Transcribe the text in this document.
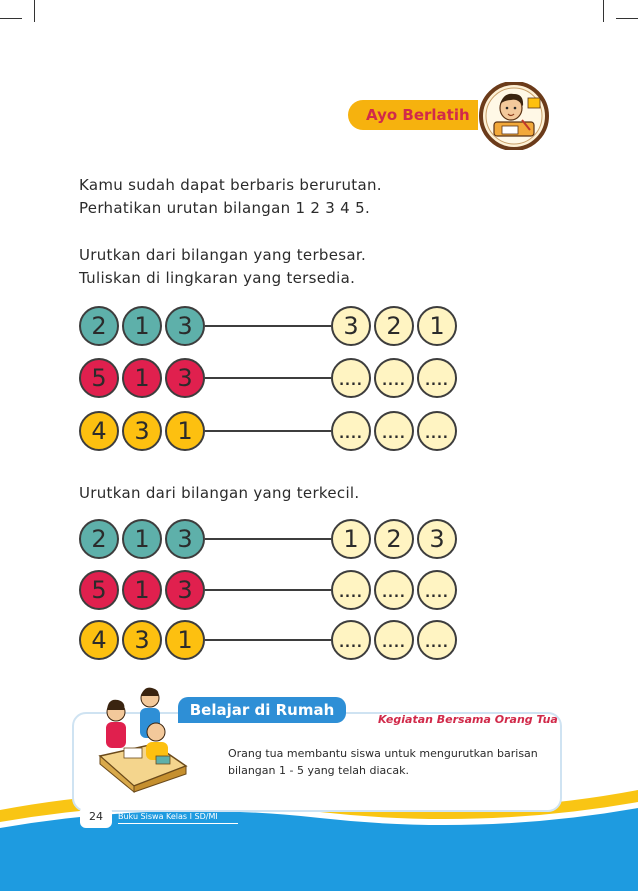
Ayo Berlatih
Kamu sudah dapat berbaris berurutan.
Perhatikan urutan bilangan 1 2 3 4 5.
Urutkan dari bilangan yang terbesar.
Tuliskan di lingkaran yang tersedia.
2	1	3	3	2	1
5	1	3	....	....	....
4	3	1	....	....	....
Urutkan dari bilangan yang terkecil.
2	1	3	1	2	3
5	1	3	....	....	....
4	3	1	....	....	....
Belajar di Rumah
Kegiatan Bersama Orang Tua
Orang tua membantu siswa untuk mengurutkan barisan
bilangan 1 - 5 yang telah diacak.
24	Buku Siswa Kelas I SD/MI
